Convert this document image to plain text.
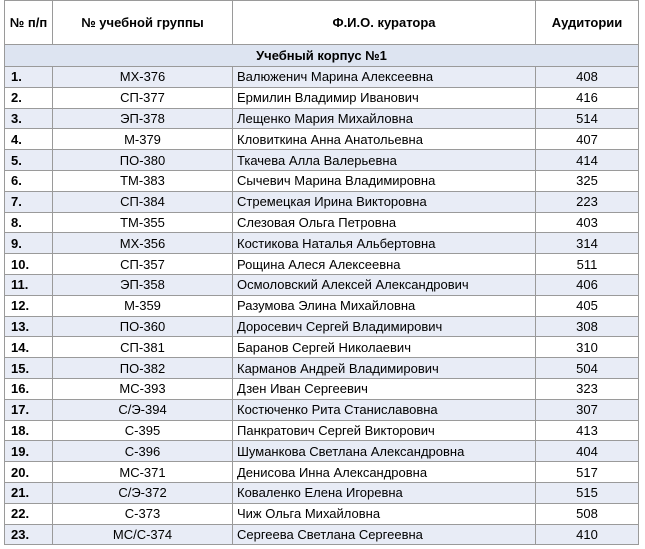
№ п/п	№ учебной группы	Ф.И.О. куратора	Аудитории
Учебный корпус №1			
1.	МХ-376	Валюженич Марина Алексеевна	408
2.	СП-377	Ермилин Владимир Иванович	416
3.	ЭП-378	Лещенко Мария Михайловна	514
4.	М-379	Кловиткина Анна Анатольевна	407
5.	ПО-380	Ткачева Алла Валерьевна	414
6.	ТМ-383	Сычевич Марина Владимировна	325
7.	СП-384	Стремецкая Ирина Викторовна	223
8.	ТМ-355	Слезовая Ольга Петровна	403
9.	МХ-356	Костикова Наталья Альбертовна	314
10.	СП-357	Рощина Алеся Алексеевна	511
11.	ЭП-358	Осмоловский Алексей Александрович	406
12.	М-359	Разумова Элина Михайловна	405
13.	ПО-360	Доросевич Сергей Владимирович	308
14.	СП-381	Баранов Сергей Николаевич	310
15.	ПО-382	Карманов Андрей Владимирович	504
16.	МС-393	Дзен Иван Сергеевич	323
17.	С/Э-394	Костюченко Рита Станиславовна	307
18.	С-395	Панкратович Сергей Викторович	413
19.	С-396	Шуманкова Светлана Александровна	404
20.	МС-371	Денисова Инна Александровна	517
21.	С/Э-372	Коваленко Елена Игоревна	515
22.	С-373	Чиж Ольга Михайловна	508
23.	МС/С-374	Сергеева Светлана Сергеевна	410
